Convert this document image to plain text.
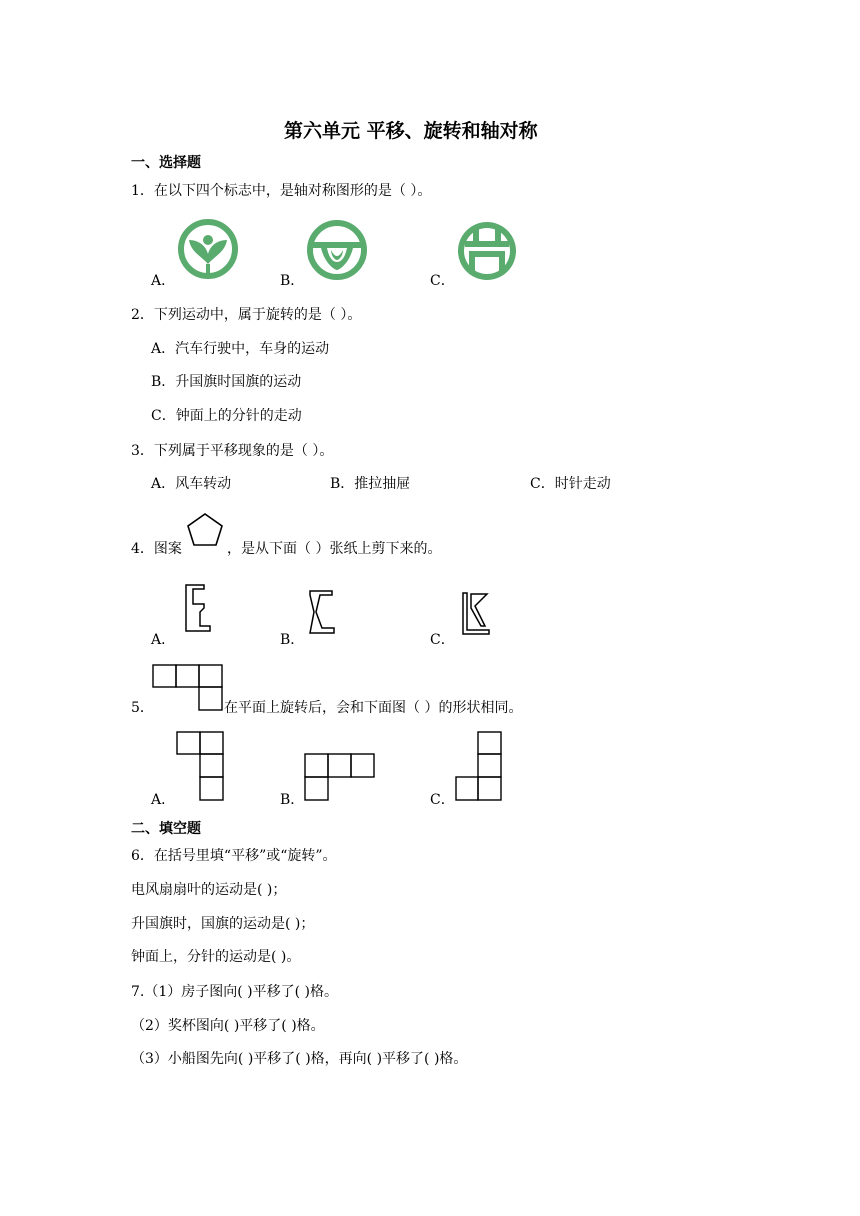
第六单元 平移、旋转和轴对称
一、选择题
1．在以下四个标志中，是轴对称图形的是（ ）。
A．	B．	C．
2．下列运动中，属于旋转的是（ ）。
A．汽车行驶中，车身的运动
B．升国旗时国旗的运动
C．钟面上的分针的走动
3．下列属于平移现象的是（ ）。
A．风车转动	B．推拉抽屉	C．时针走动
4．图案	，是从下面（ ）张纸上剪下来的。
A．	B．	C．
5．	在平面上旋转后，会和下面图（ ）的形状相同。
A．	B．	C．
二、填空题
6．在括号里填“平移”或“旋转”。
电风扇扇叶的运动是( )；
升国旗时，国旗的运动是( )；
钟面上，分针的运动是( )。
7.（1）房子图向( )平移了( )格。
（2）奖杯图向( )平移了( )格。
（3）小船图先向( )平移了( )格，再向( )平移了( )格。
